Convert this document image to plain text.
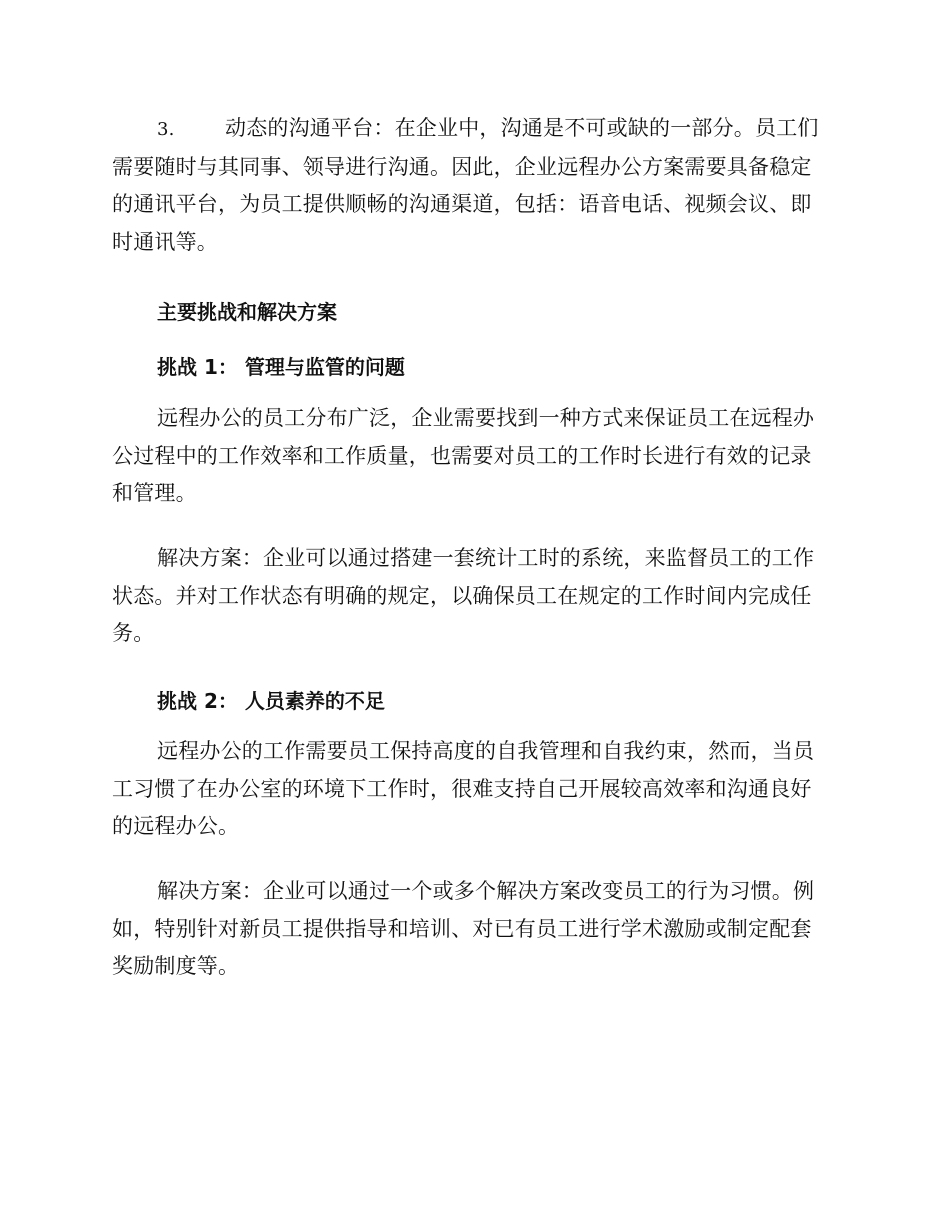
3. 动态的沟通平台：在企业中，沟通是不可或缺的一部分。员工们
需要随时与其同事、领导进行沟通。因此，企业远程办公方案需要具备稳定
的通讯平台，为员工提供顺畅的沟通渠道，包括：语音电话、视频会议、即
时通讯等。
主要挑战和解决方案
挑战 1： 管理与监管的问题
远程办公的员工分布广泛，企业需要找到一种方式来保证员工在远程办
公过程中的工作效率和工作质量，也需要对员工的工作时长进行有效的记录
和管理。
解决方案：企业可以通过搭建一套统计工时的系统，来监督员工的工作
状态。并对工作状态有明确的规定，以确保员工在规定的工作时间内完成任
务。
挑战 2： 人员素养的不足
远程办公的工作需要员工保持高度的自我管理和自我约束，然而，当员
工习惯了在办公室的环境下工作时，很难支持自己开展较高效率和沟通良好
的远程办公。
解决方案：企业可以通过一个或多个解决方案改变员工的行为习惯。例
如，特别针对新员工提供指导和培训、对已有员工进行学术激励或制定配套
奖励制度等。
